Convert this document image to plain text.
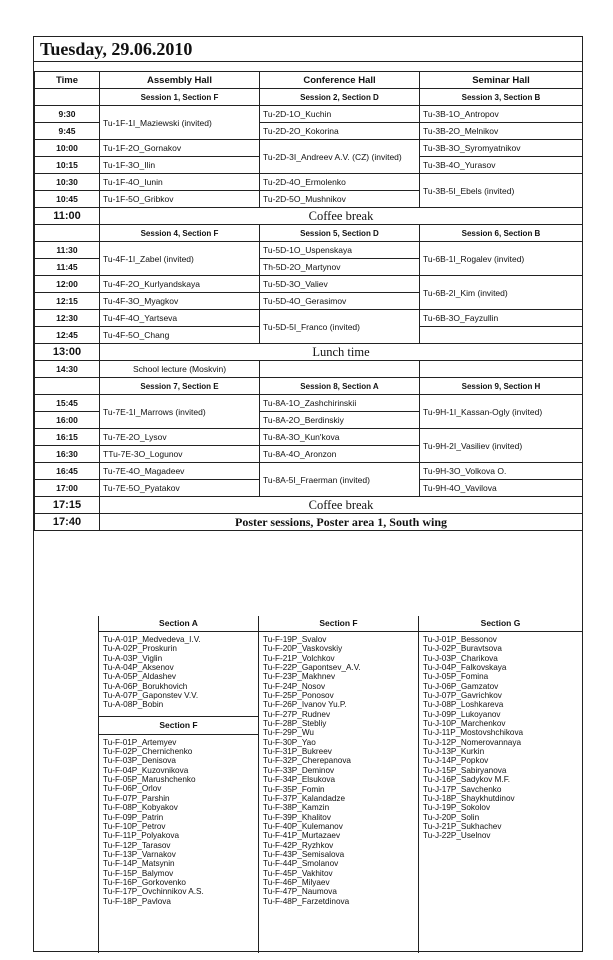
Tuesday, 29.06.2010
Time	Assembly Hall	Conference Hall	Seminar Hall
	Session 1, Section F	Session 2, Section D	Session 3, Section B
9:30	Tu-1F-1I_Maziewski (invited)	Tu-2D-1O_Kuchin	Tu-3B-1O_Antropov
9:45		Tu-2D-2O_Kokorina	Tu-3B-2O_Melnikov
10:00	Tu-1F-2O_Gornakov	Tu-2D-3I_Andreev A.V. (CZ) (invited)	Tu-3B-3O_Syromyatnikov
10:15	Tu-1F-3O_Ilin		Tu-3B-4O_Yurasov
10:30	Tu-1F-4O_Iunin	Tu-2D-4O_Ermolenko	Tu-3B-5I_Ebels (invited)
10:45	Tu-1F-5O_Gribkov	Tu-2D-5O_Mushnikov	
11:00	Coffee break		
	Session 4, Section F	Session 5, Section D	Session 6, Section B
11:30	Tu-4F-1I_Zabel (invited)	Tu-5D-1O_Uspenskaya	Tu-6B-1I_Rogalev (invited)
11:45		Th-5D-2O_Martynov	
12:00	Tu-4F-2O_Kurlyandskaya	Tu-5D-3O_Valiev	Tu-6B-2I_Kim (invited)
12:15	Tu-4F-3O_Myagkov	Tu-5D-4O_Gerasimov	
12:30	Tu-4F-4O_Yartseva	Tu-5D-5I_Franco (invited)	Tu-6B-3O_Fayzullin
12:45	Tu-4F-5O_Chang		
13:00	Lunch time		
14:30	School lecture (Moskvin)		
	Session 7, Section E	Session 8, Section A	Session 9, Section H
15:45	Tu-7E-1I_Marrows (invited)	Tu-8A-1O_Zashchirinskii	Tu-9H-1I_Kassan-Ogly (invited)
16:00		Tu-8A-2O_Berdinskiy	
16:15	Tu-7E-2O_Lysov	Tu-8A-3O_Kun'kova	Tu-9H-2I_Vasiliev (invited)
16:30	TTu-7E-3O_Logunov	Tu-8A-4O_Aronzon	
16:45	Tu-7E-4O_Magadeev	Tu-8A-5I_Fraerman (invited)	Tu-9H-3O_Volkova O.
17:00	Tu-7E-5O_Pyatakov		Tu-9H-4O_Vavilova
17:15	Coffee break		
17:40	Poster sessions, Poster area 1, South wing		
Section A
Tu-A-01P_Medvedeva_I.V.
Tu-A-02P_Proskurin
Tu-A-03P_Viglin
Tu-A-04P_Aksenov
Tu-A-05P_Aldashev
Tu-A-06P_Borukhovich
Tu-A-07P_Gaponstev V.V.
Tu-A-08P_Bobin
Section F
Tu-F-01P_Artemyev
Tu-F-02P_Chernichenko
Tu-F-03P_Denisova
Tu-F-04P_Kuzovnikova
Tu-F-05P_Marushchenko
Tu-F-06P_Orlov
Tu-F-07P_Parshin
Tu-F-08P_Kobyakov
Tu-F-09P_Patrin
Tu-F-10P_Petrov
Tu-F-11P_Polyakova
Tu-F-12P_Tarasov
Tu-F-13P_Varnakov
Tu-F-14P_Matsynin
Tu-F-15P_Balymov
Tu-F-16P_Gorkovenko
Tu-F-17P_Ovchinnikov A.S.
Tu-F-18P_Pavlova
Section F
Tu-F-19P_Svalov
Tu-F-20P_Vaskovskiy
Tu-F-21P_Volchkov
Tu-F-22P_Gapontsev_A.V.
Tu-F-23P_Makhnev
Tu-F-24P_Nosov
Tu-F-25P_Ponosov
Tu-F-26P_Ivanov Yu.P.
Tu-F-27P_Rudnev
Tu-F-28P_Stebliy
Tu-F-29P_Wu
Tu-F-30P_Yao
Tu-F-31P_Bukreev
Tu-F-32P_Cherepanova
Tu-F-33P_Deminov
Tu-F-34P_Elsukova
Tu-F-35P_Fomin
Tu-F-37P_Kalandadze
Tu-F-38P_Kamzin
Tu-F-39P_Khalitov
Tu-F-40P_Kulemanov
Tu-F-41P_Murtazaev
Tu-F-42P_Ryzhkov
Tu-F-43P_Semisalova
Tu-F-44P_Smolanov
Tu-F-45P_Vakhitov
Tu-F-46P_Milyaev
Tu-F-47P_Naumova
Tu-F-48P_Farzetdinova
Section G
Tu-J-01P_Bessonov
Tu-J-02P_Buravtsova
Tu-J-03P_Charikova
Tu-J-04P_Falkovskaya
Tu-J-05P_Fomina
Tu-J-06P_Gamzatov
Tu-J-07P_Gavrichkov
Tu-J-08P_Loshkareva
Tu-J-09P_Lukoyanov
Tu-J-10P_Marchenkov
Tu-J-11P_Mostovshchikova
Tu-J-12P_Nomerovannaya
Tu-J-13P_Kurkin
Tu-J-14P_Popkov
Tu-J-15P_Sabiryanova
Tu-J-16P_Sadykov M.F.
Tu-J-17P_Savchenko
Tu-J-18P_Shaykhutdinov
Tu-J-19P_Sokolov
Tu-J-20P_Solin
Tu-J-21P_Sukhachev
Tu-J-22P_Uselnov
